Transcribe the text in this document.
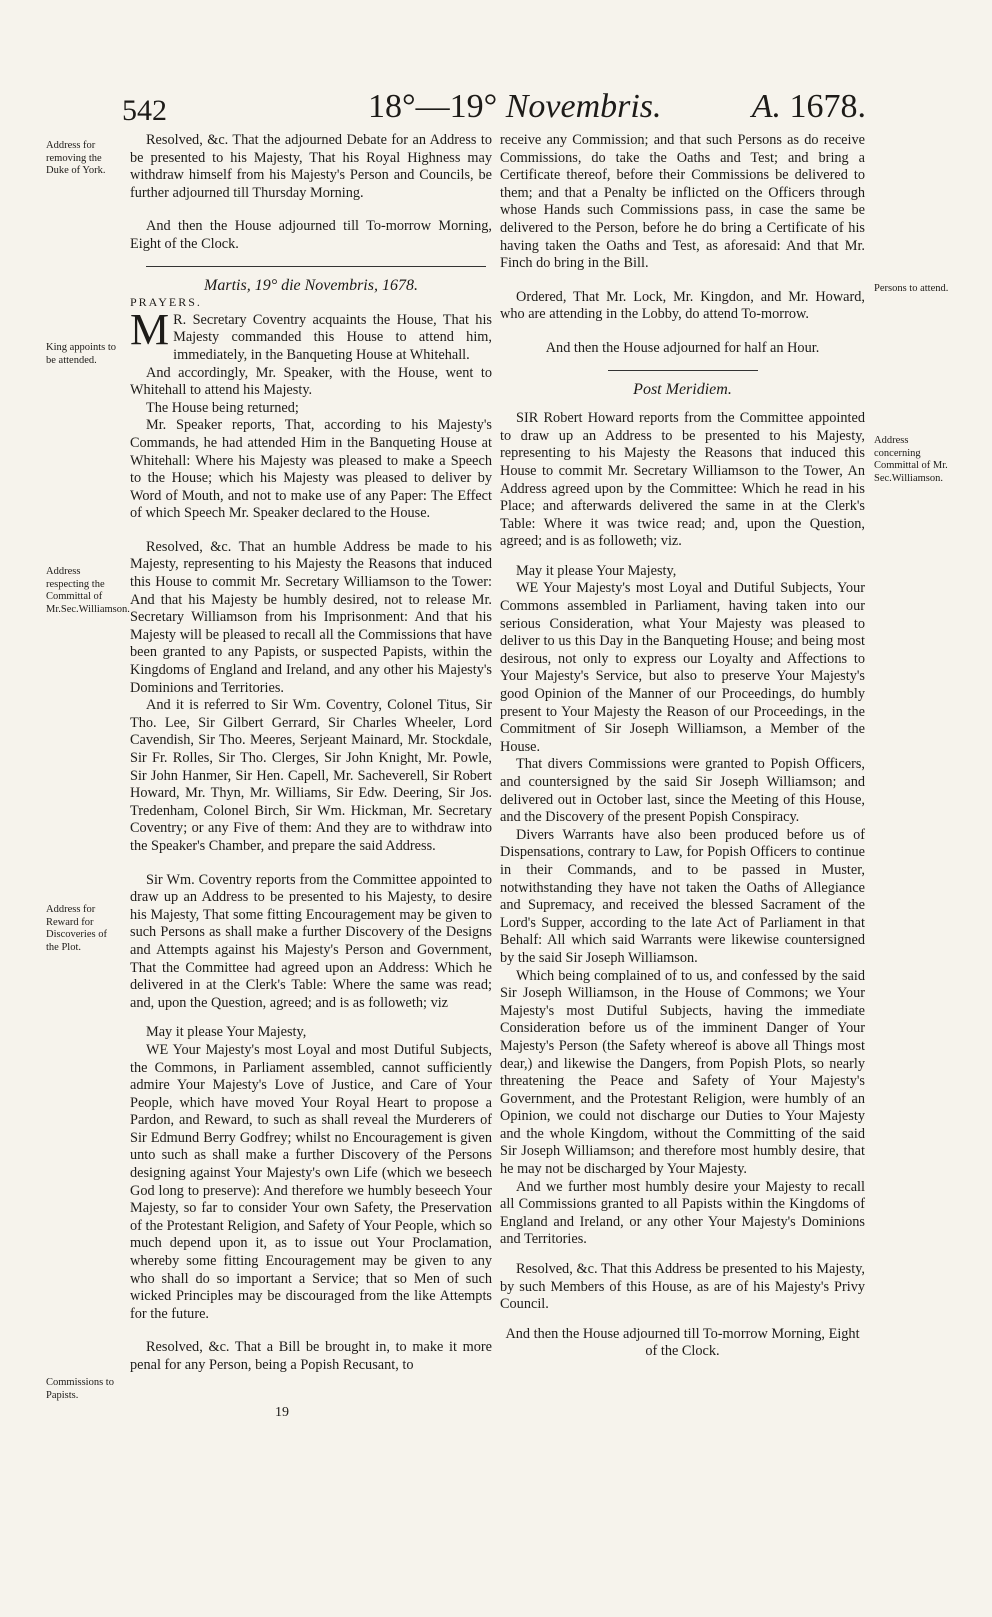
542	18°—19° Novembris.	A. 1678.
Address for removing the Duke of York.
King appoints to be attended.
Address respecting the Committal of Mr.Sec.Williamson.
Address for Reward for Discoveries of the Plot.
Commissions to Papists.
Persons to attend.
Address concerning Committal of Mr. Sec.Williamson.

Resolved, &c. That the adjourned Debate for an Address to be presented to his Majesty, That his Royal Highness may withdraw himself from his Majesty's Person and Councils, be further adjourned till Thursday Morning.

And then the House adjourned till To-morrow Morning, Eight of the Clock.

Martis, 19° die Novembris, 1678.

PRAYERS.

M R. Secretary Coventry acquaints the House, That his Majesty commanded this House to attend him, immediately, in the Banqueting House at Whitehall.

And accordingly, Mr. Speaker, with the House, went to Whitehall to attend his Majesty.

The House being returned;

Mr. Speaker reports, That, according to his Majesty's Commands, he had attended Him in the Banqueting House at Whitehall: Where his Majesty was pleased to make a Speech to the House; which his Majesty was pleased to deliver by Word of Mouth, and not to make use of any Paper: The Effect of which Speech Mr. Speaker declared to the House.

Resolved, &c. That an humble Address be made to his Majesty, representing to his Majesty the Reasons that induced this House to commit Mr. Secretary Williamson to the Tower: And that his Majesty be humbly desired, not to release Mr. Secretary Williamson from his Imprisonment: And that his Majesty will be pleased to recall all the Commissions that have been granted to any Papists, or suspected Papists, within the Kingdoms of England and Ireland, and any other his Majesty's Dominions and Territories.

And it is referred to Sir Wm. Coventry, Colonel Titus, Sir Tho. Lee, Sir Gilbert Gerrard, Sir Charles Wheeler, Lord Cavendish, Sir Tho. Meeres, Serjeant Mainard, Mr. Stockdale, Sir Fr. Rolles, Sir Tho. Clerges, Sir John Knight, Mr. Powle, Sir John Hanmer, Sir Hen. Capell, Mr. Sacheverell, Sir Robert Howard, Mr. Thyn, Mr. Williams, Sir Edw. Deering, Sir Jos. Tredenham, Colonel Birch, Sir Wm. Hickman, Mr. Secretary Coventry; or any Five of them: And they are to withdraw into the Speaker's Chamber, and prepare the said Address.

Sir Wm. Coventry reports from the Committee appointed to draw up an Address to be presented to his Majesty, to desire his Majesty, That some fitting Encouragement may be given to such Persons as shall make a further Discovery of the Designs and Attempts against his Majesty's Person and Government, That the Committee had agreed upon an Address: Which he delivered in at the Clerk's Table: Where the same was read; and, upon the Question, agreed; and is as followeth; viz

May it please Your Majesty,

WE Your Majesty's most Loyal and most Dutiful Subjects, the Commons, in Parliament assembled, cannot sufficiently admire Your Majesty's Love of Justice, and Care of Your People, which have moved Your Royal Heart to propose a Pardon, and Reward, to such as shall reveal the Murderers of Sir Edmund Berry Godfrey; whilst no Encouragement is given unto such as shall make a further Discovery of the Persons designing against Your Majesty's own Life (which we beseech God long to preserve): And therefore we humbly beseech Your Majesty, so far to consider Your own Safety, the Preservation of the Protestant Religion, and Safety of Your People, which so much depend upon it, as to issue out Your Proclamation, whereby some fitting Encouragement may be given to any who shall do so important a Service; that so Men of such wicked Principles may be discouraged from the like Attempts for the future.

Resolved, &c. That a Bill be brought in, to make it more penal for any Person, being a Popish Recusant, to

19

receive any Commission; and that such Persons as do receive Commissions, do take the Oaths and Test; and bring a Certificate thereof, before their Commissions be delivered to them; and that a Penalty be inflicted on the Officers through whose Hands such Commissions pass, in case the same be delivered to the Person, before he do bring a Certificate of his having taken the Oaths and Test, as aforesaid: And that Mr. Finch do bring in the Bill.

Ordered, That Mr. Lock, Mr. Kingdon, and Mr. Howard, who are attending in the Lobby, do attend To-morrow.

And then the House adjourned for half an Hour.

Post Meridiem.

SIR Robert Howard reports from the Committee appointed to draw up an Address to be presented to his Majesty, representing to his Majesty the Reasons that induced this House to commit Mr. Secretary Williamson to the Tower, An Address agreed upon by the Committee: Which he read in his Place; and afterwards delivered the same in at the Clerk's Table: Where it was twice read; and, upon the Question, agreed; and is as followeth; viz.

May it please Your Majesty,

WE Your Majesty's most Loyal and Dutiful Subjects, Your Commons assembled in Parliament, having taken into our serious Consideration, what Your Majesty was pleased to deliver to us this Day in the Banqueting House; and being most desirous, not only to express our Loyalty and Affections to Your Majesty's Service, but also to preserve Your Majesty's good Opinion of the Manner of our Proceedings, do humbly present to Your Majesty the Reason of our Proceedings, in the Commitment of Sir Joseph Williamson, a Member of the House.

That divers Commissions were granted to Popish Officers, and countersigned by the said Sir Joseph Williamson; and delivered out in October last, since the Meeting of this House, and the Discovery of the present Popish Conspiracy.

Divers Warrants have also been produced before us of Dispensations, contrary to Law, for Popish Officers to continue in their Commands, and to be passed in Muster, notwithstanding they have not taken the Oaths of Allegiance and Supremacy, and received the blessed Sacrament of the Lord's Supper, according to the late Act of Parliament in that Behalf: All which said Warrants were likewise countersigned by the said Sir Joseph Williamson.

Which being complained of to us, and confessed by the said Sir Joseph Williamson, in the House of Commons; we Your Majesty's most Dutiful Subjects, having the immediate Consideration before us of the imminent Danger of Your Majesty's Person (the Safety whereof is above all Things most dear,) and likewise the Dangers, from Popish Plots, so nearly threatening the Peace and Safety of Your Majesty's Government, and the Protestant Religion, were humbly of an Opinion, we could not discharge our Duties to Your Majesty and the whole Kingdom, without the Committing of the said Sir Joseph Williamson; and therefore most humbly desire, that he may not be discharged by Your Majesty.

And we further most humbly desire your Majesty to recall all Commissions granted to all Papists within the Kingdoms of England and Ireland, or any other Your Majesty's Dominions and Territories.

Resolved, &c. That this Address be presented to his Majesty, by such Members of this House, as are of his Majesty's Privy Council.

And then the House adjourned till To-morrow Morning, Eight of the Clock.
